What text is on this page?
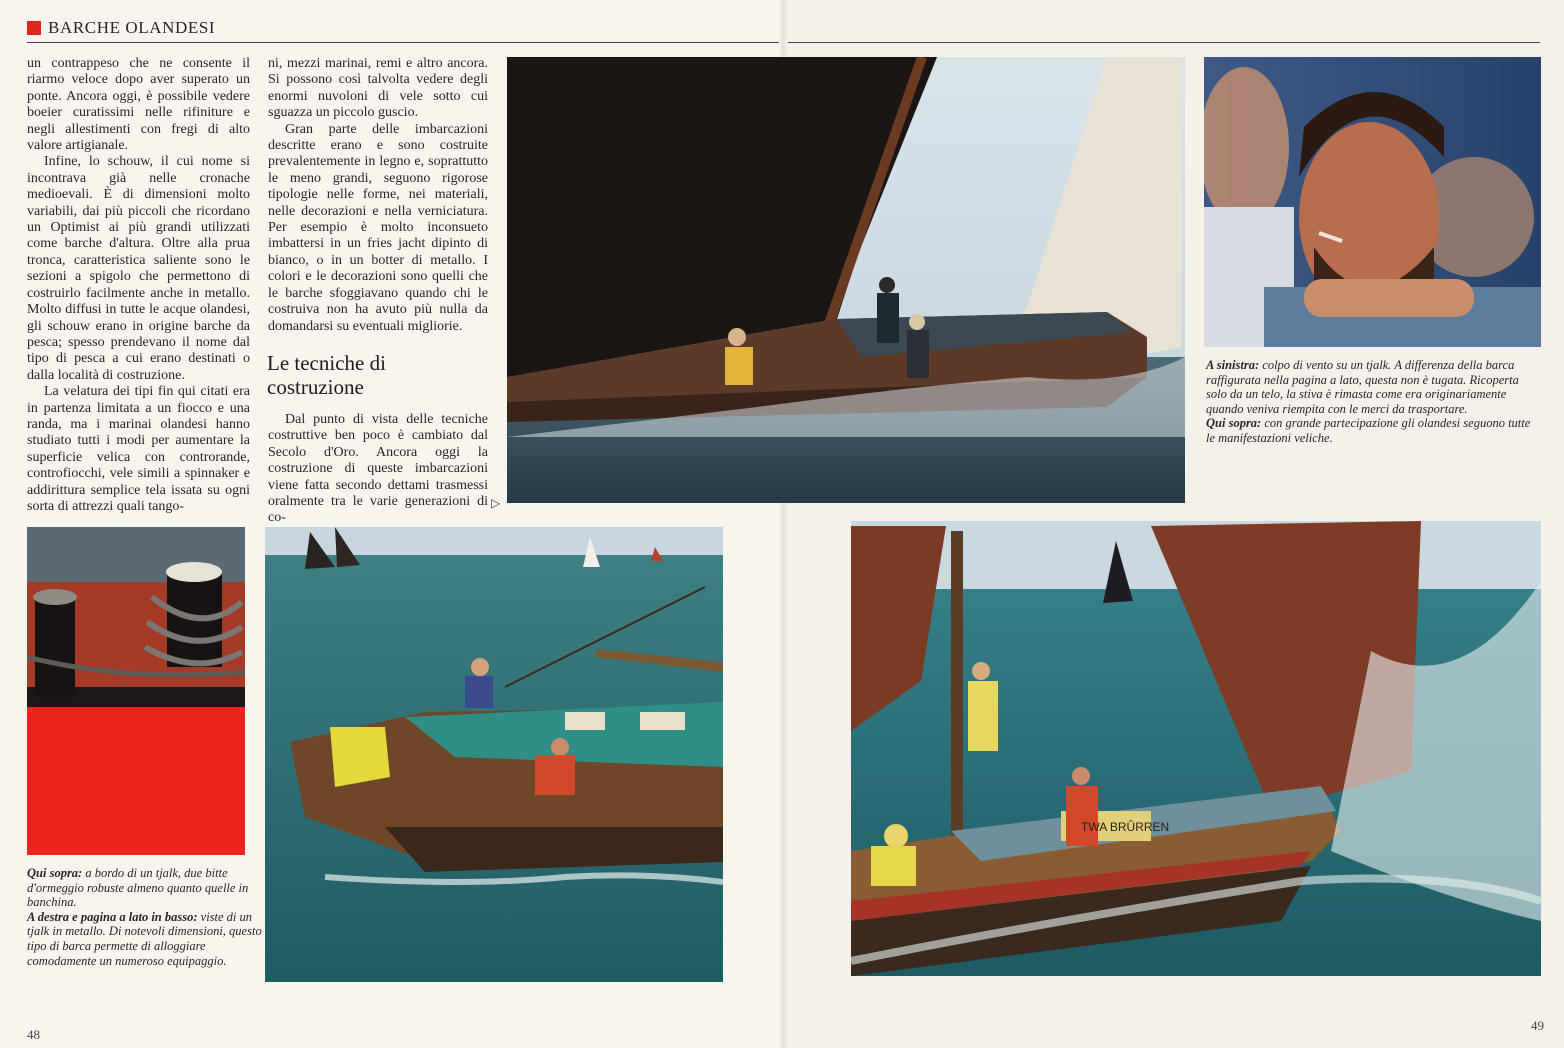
BARCHE OLANDESI

un contrappeso che ne consente il riarmo veloce dopo aver superato un ponte. Ancora oggi, è possibile vedere boeier curatissimi nelle rifiniture e negli allestimenti con fregi di alto valore artigianale.

Infine, lo schouw, il cui nome si incontrava già nelle cronache medioevali. È di dimensioni molto variabili, dai più piccoli che ricordano un Optimist ai più grandi utilizzati come barche d'altura. Oltre alla prua tronca, caratteristica saliente sono le sezioni a spigolo che permettono di costruirlo facilmente anche in metallo. Molto diffusi in tutte le acque olandesi, gli schouw erano in origine barche da pesca; spesso prendevano il nome dal tipo di pesca a cui erano destinati o dalla località di costruzione.

La velatura dei tipi fin qui citati era in partenza limitata a un fiocco e una randa, ma i marinai olandesi hanno studiato tutti i modi per aumentare la superficie velica con controrande, controfiocchi, vele simili a spinnaker e addirittura semplice tela issata su ogni sorta di attrezzi quali tango-

ni, mezzi marinai, remi e altro ancora. Si possono così talvolta vedere degli enormi nuvoloni di vele sotto cui sguazza un piccolo guscio.

Gran parte delle imbarcazioni descritte erano e sono costruite prevalentemente in legno e, soprattutto le meno grandi, seguono rigorose tipologie nelle forme, nei materiali, nelle decorazioni e nella verniciatura. Per esempio è molto inconsueto imbattersi in un fries jacht dipinto di bianco, o in un botter di metallo. I colori e le decorazioni sono quelli che le barche sfoggiavano quando chi le costruiva non ha avuto più nulla da domandarsi su eventuali migliorie.

Le tecniche di costruzione

Dal punto di vista delle tecniche costruttive ben poco è cambiato dal Secolo d'Oro. Ancora oggi la costruzione di queste imbarcazioni viene fatta secondo dettami trasmessi oralmente tra le varie generazioni di co-

▷
TWA BRÛRREN
Qui sopra: a bordo di un tjalk, due bitte d'ormeggio robuste almeno quanto quelle in banchina.
A destra e pagina a lato in basso: viste di un tjalk in metallo. Di notevoli dimensioni, questo tipo di barca permette di alloggiare comodamente un numeroso equipaggio.
A sinistra: colpo di vento su un tjalk. A differenza della barca raffigurata nella pagina a lato, questa non è tugata. Ricoperta solo da un telo, la stiva è rimasta come era originariamente quando veniva riempita con le merci da trasportare.
Qui sopra: con grande partecipazione gli olandesi seguono tutte le manifestazioni veliche.
48
49
